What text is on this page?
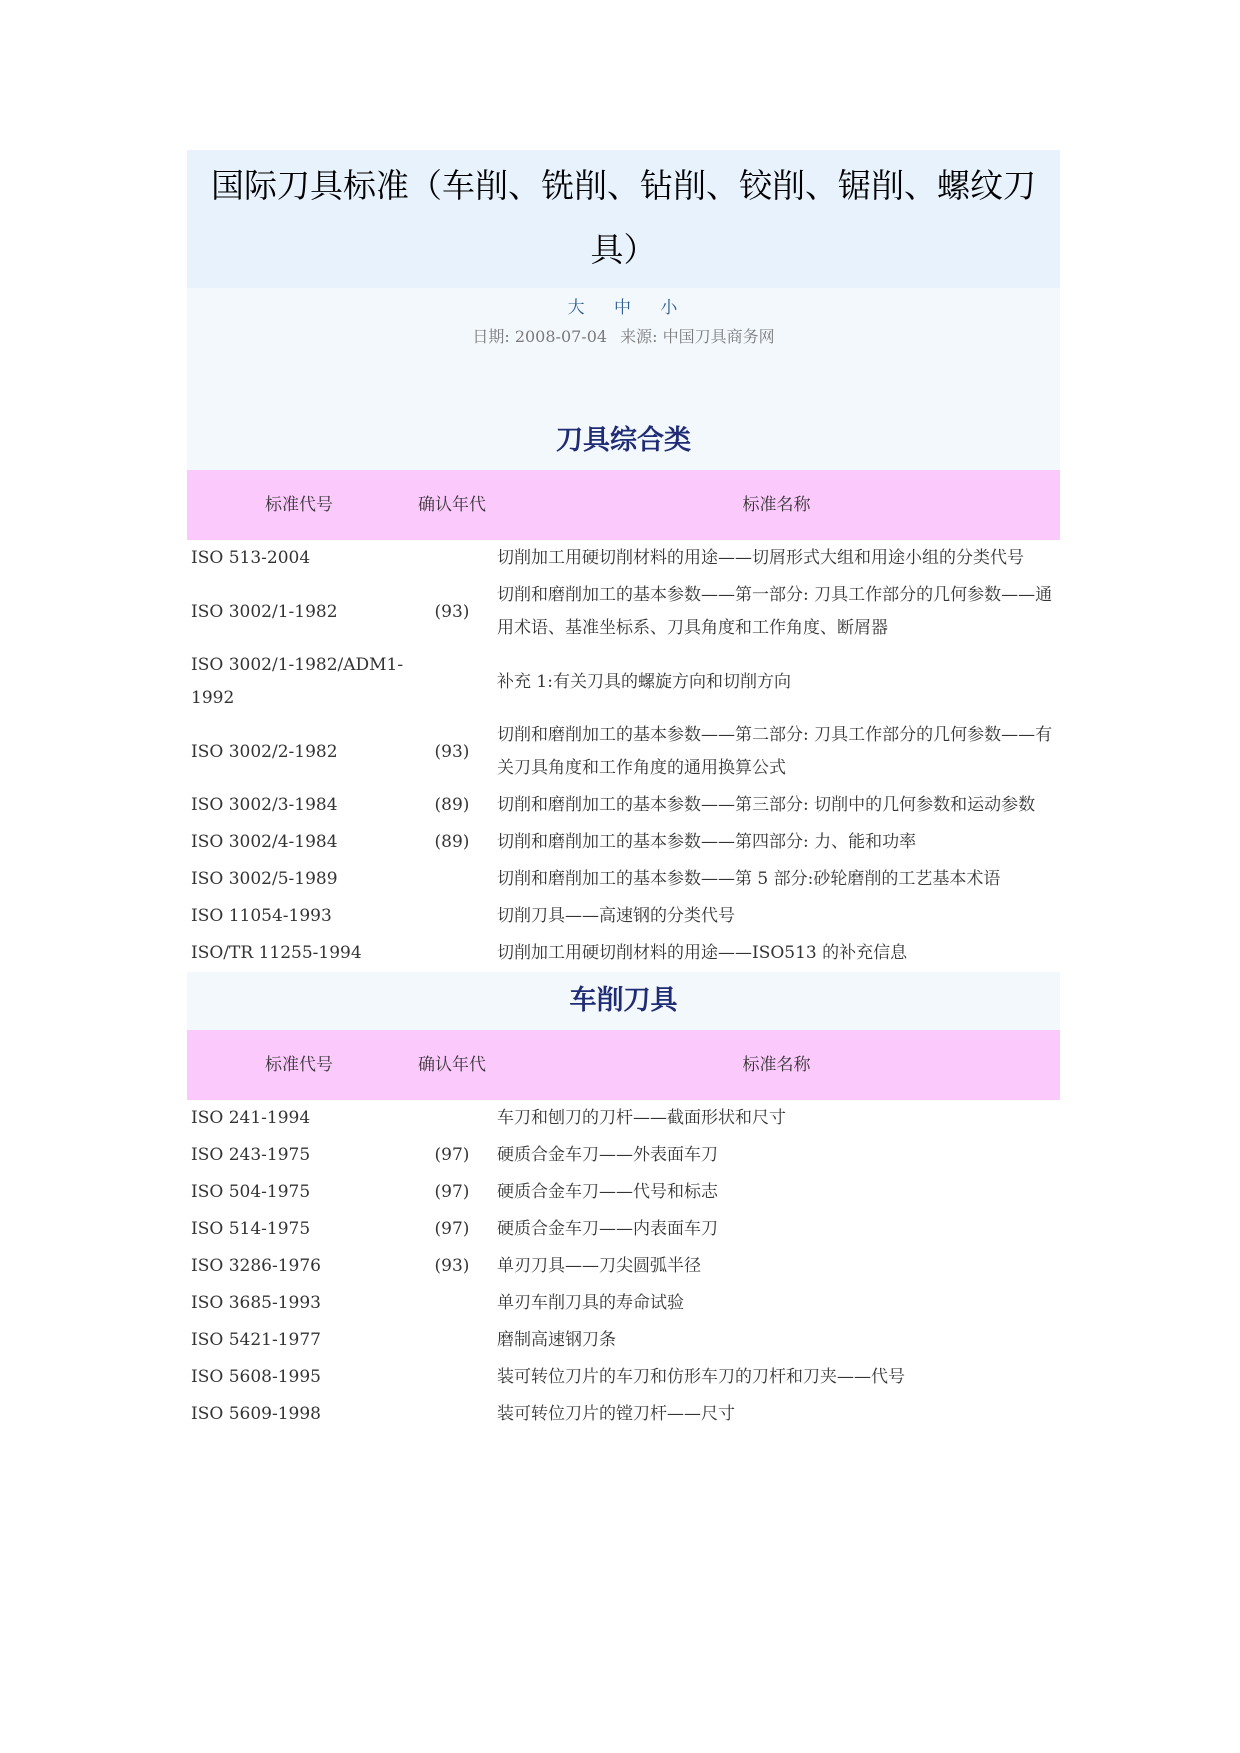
国际刀具标准（车削、铣削、钻削、铰削、锯削、螺纹刀具）
大 中 小
日期: 2008-07-04 来源: 中国刀具商务网
刀具综合类
标准代号	确认年代	标准名称
ISO 513-2004		切削加工用硬切削材料的用途——切屑形式大组和用途小组的分类代号
ISO 3002/1-1982	(93)	切削和磨削加工的基本参数——第一部分: 刀具工作部分的几何参数——通用术语、基准坐标系、刀具角度和工作角度、断屑器
ISO 3002/1-1982/ADM1-1992		补充 1:有关刀具的螺旋方向和切削方向
ISO 3002/2-1982	(93)	切削和磨削加工的基本参数——第二部分: 刀具工作部分的几何参数——有关刀具角度和工作角度的通用换算公式
ISO 3002/3-1984	(89)	切削和磨削加工的基本参数——第三部分: 切削中的几何参数和运动参数
ISO 3002/4-1984	(89)	切削和磨削加工的基本参数——第四部分: 力、能和功率
ISO 3002/5-1989		切削和磨削加工的基本参数——第 5 部分:砂轮磨削的工艺基本术语
ISO 11054-1993		切削刀具——高速钢的分类代号
ISO/TR 11255-1994		切削加工用硬切削材料的用途——ISO513 的补充信息
车削刀具
标准代号	确认年代	标准名称
ISO 241-1994		车刀和刨刀的刀杆——截面形状和尺寸
ISO 243-1975	(97)	硬质合金车刀——外表面车刀
ISO 504-1975	(97)	硬质合金车刀——代号和标志
ISO 514-1975	(97)	硬质合金车刀——内表面车刀
ISO 3286-1976	(93)	单刃刀具——刀尖圆弧半径
ISO 3685-1993		单刃车削刀具的寿命试验
ISO 5421-1977		磨制高速钢刀条
ISO 5608-1995		装可转位刀片的车刀和仿形车刀的刀杆和刀夹——代号
ISO 5609-1998		装可转位刀片的镗刀杆——尺寸
